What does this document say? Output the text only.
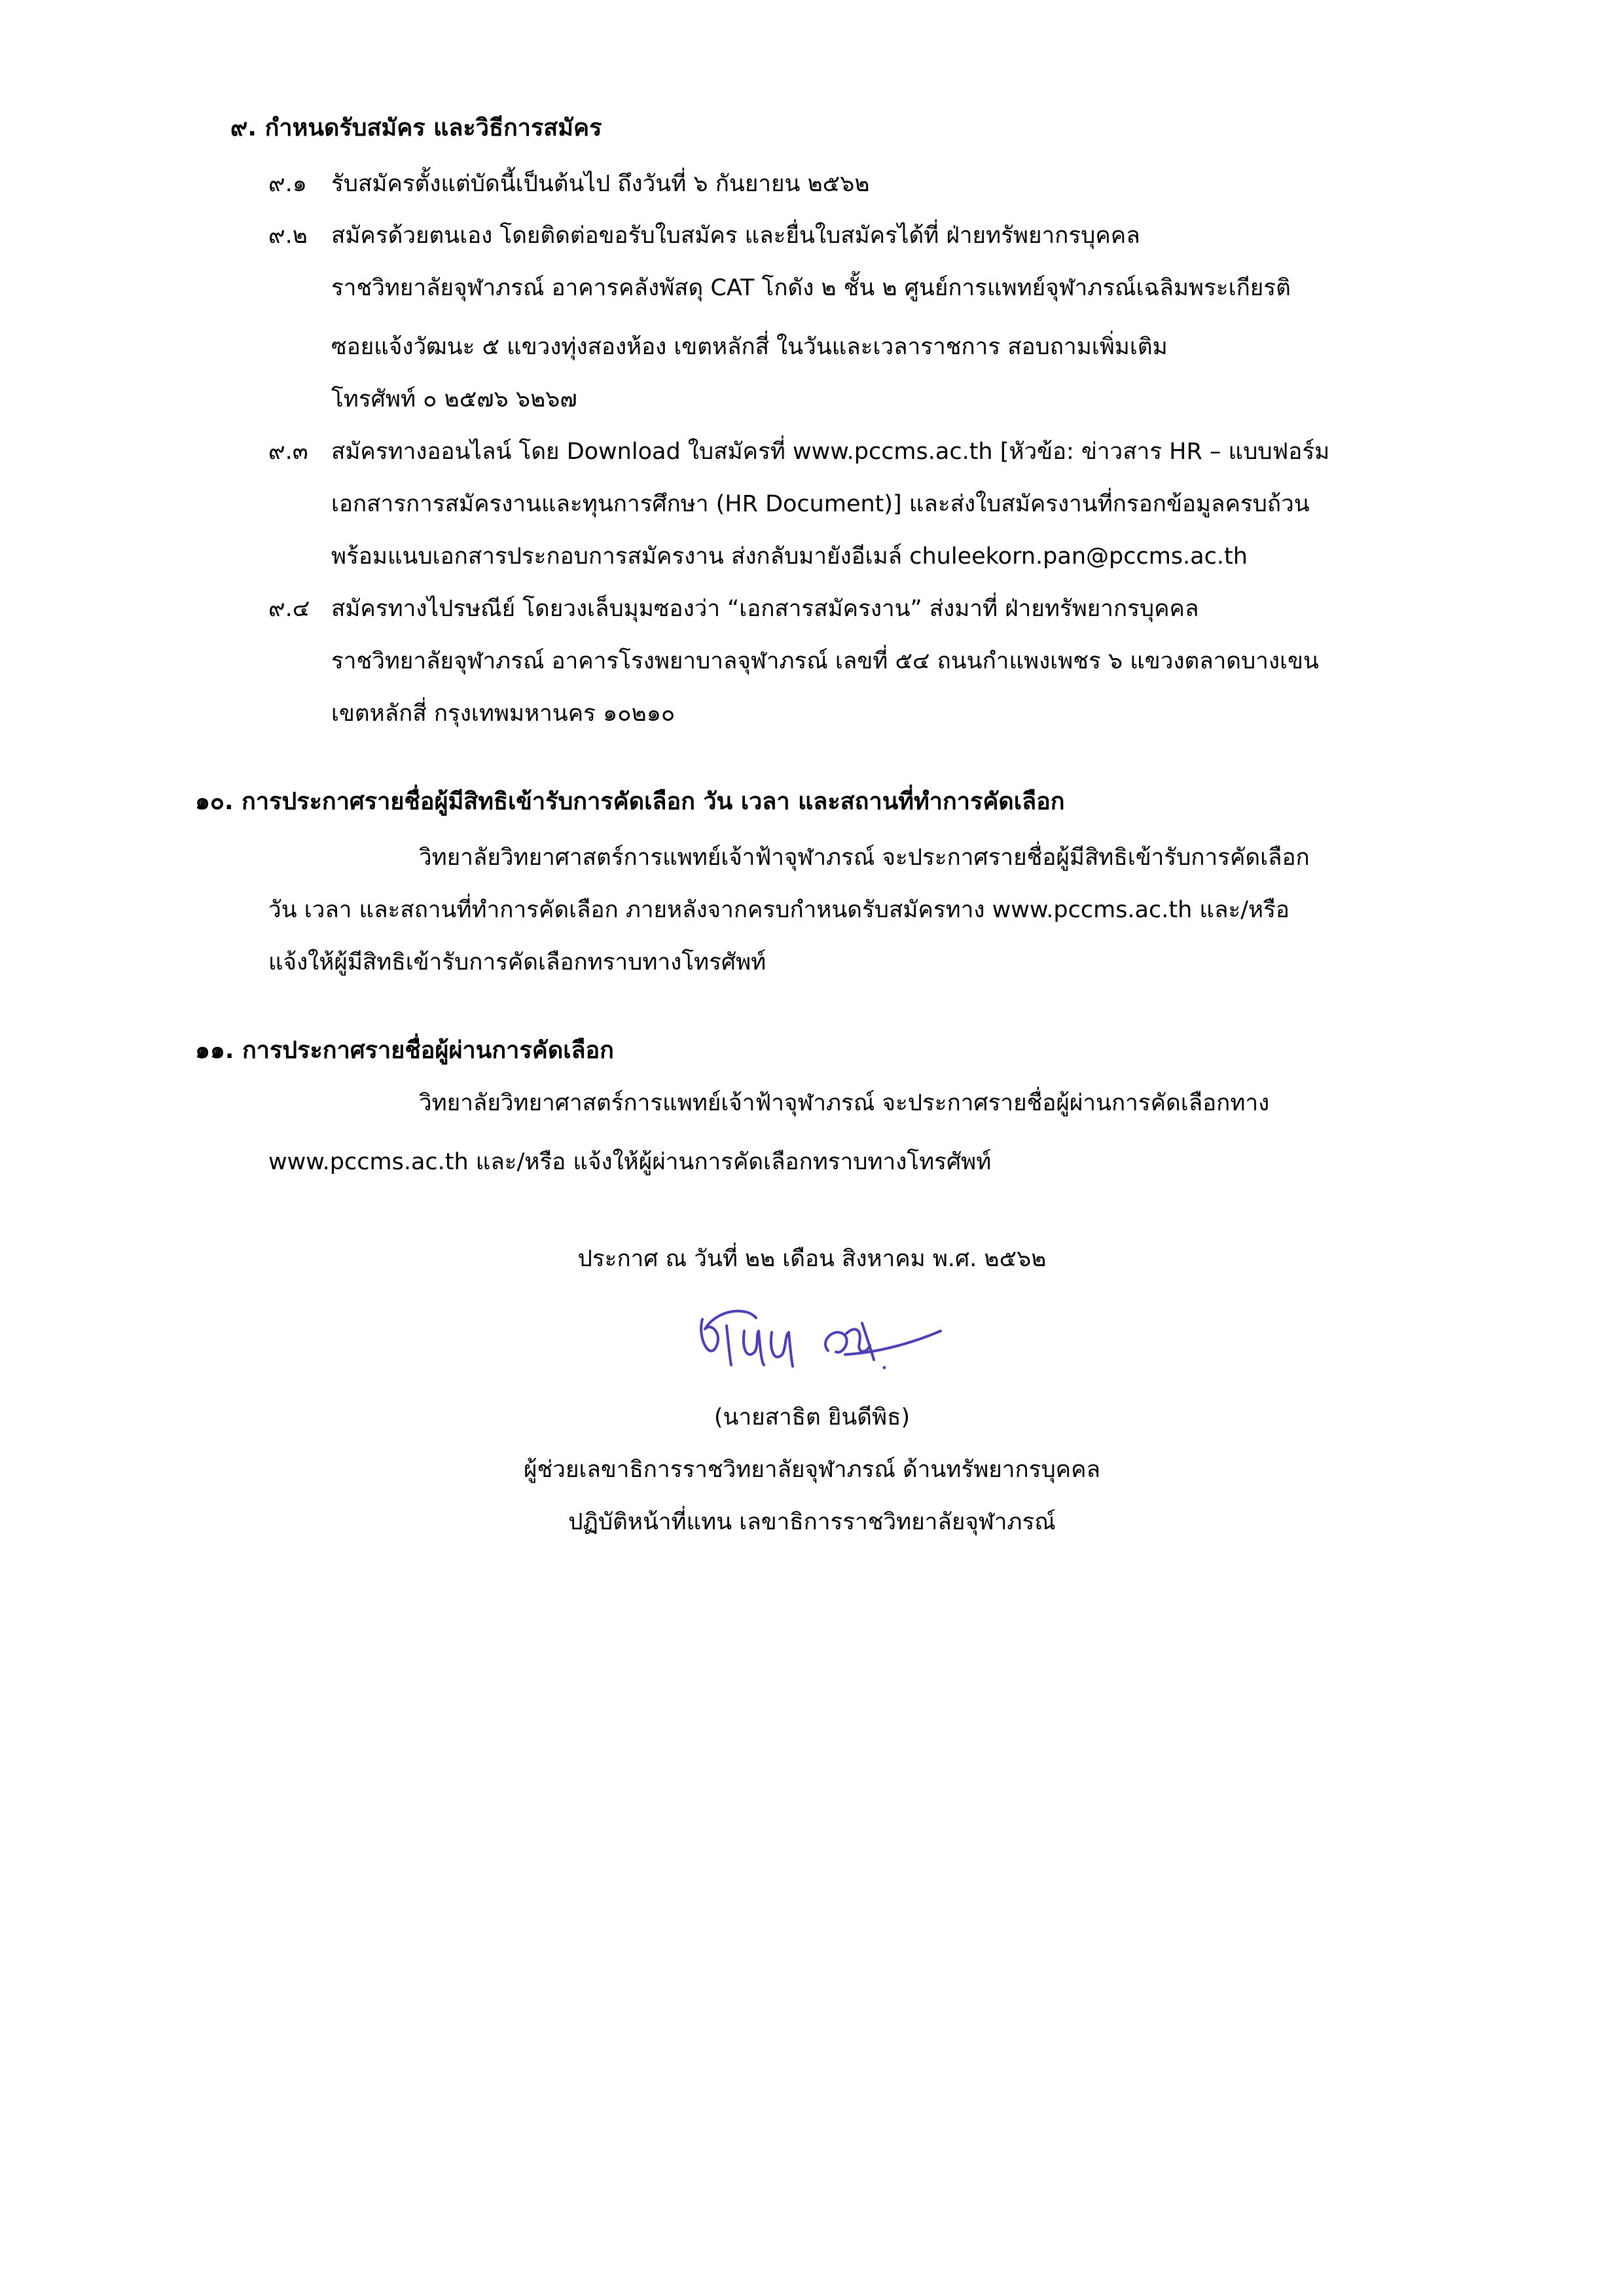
๙. กำหนดรับสมัคร และวิธีการสมัคร
๙.๑ รับสมัครตั้งแต่บัดนี้เป็นต้นไป ถึงวันที่ ๖ กันยายน ๒๕๖๒
๙.๒ สมัครด้วยตนเอง โดยติดต่อขอรับใบสมัคร และยื่นใบสมัครได้ที่ ฝ่ายทรัพยากรบุคคล
ราชวิทยาลัยจุฬาภรณ์ อาคารคลังพัสดุ CAT โกดัง ๒ ชั้น ๒ ศูนย์การแพทย์จุฬาภรณ์เฉลิมพระเกียรติ
ซอยแจ้งวัฒนะ ๕ แขวงทุ่งสองห้อง เขตหลักสี่ ในวันและเวลาราชการ สอบถามเพิ่มเติม
โทรศัพท์ ๐ ๒๕๗๖ ๖๒๖๗
๙.๓ สมัครทางออนไลน์ โดย Download ใบสมัครที่ www.pccms.ac.th [หัวข้อ: ข่าวสาร HR – แบบฟอร์ม
เอกสารการสมัครงานและทุนการศึกษา (HR Document)] และส่งใบสมัครงานที่กรอกข้อมูลครบถ้วน
พร้อมแนบเอกสารประกอบการสมัครงาน ส่งกลับมายังอีเมล์ chuleekorn.pan@pccms.ac.th
๙.๔ สมัครทางไปรษณีย์ โดยวงเล็บมุมซองว่า “เอกสารสมัครงาน” ส่งมาที่ ฝ่ายทรัพยากรบุคคล
ราชวิทยาลัยจุฬาภรณ์ อาคารโรงพยาบาลจุฬาภรณ์ เลขที่ ๕๔ ถนนกำแพงเพชร ๖ แขวงตลาดบางเขน
เขตหลักสี่ กรุงเทพมหานคร ๑๐๒๑๐
๑๐. การประกาศรายชื่อผู้มีสิทธิเข้ารับการคัดเลือก วัน เวลา และสถานที่ทำการคัดเลือก
วิทยาลัยวิทยาศาสตร์การแพทย์เจ้าฟ้าจุฬาภรณ์ จะประกาศรายชื่อผู้มีสิทธิเข้ารับการคัดเลือก
วัน เวลา และสถานที่ทำการคัดเลือก ภายหลังจากครบกำหนดรับสมัครทาง www.pccms.ac.th และ/หรือ
แจ้งให้ผู้มีสิทธิเข้ารับการคัดเลือกทราบทางโทรศัพท์
๑๑. การประกาศรายชื่อผู้ผ่านการคัดเลือก
วิทยาลัยวิทยาศาสตร์การแพทย์เจ้าฟ้าจุฬาภรณ์ จะประกาศรายชื่อผู้ผ่านการคัดเลือกทาง
www.pccms.ac.th และ/หรือ แจ้งให้ผู้ผ่านการคัดเลือกทราบทางโทรศัพท์
ประกาศ ณ วันที่ ๒๒ เดือน สิงหาคม พ.ศ. ๒๕๖๒
(นายสาธิต ยินดีพิธ)
ผู้ช่วยเลขาธิการราชวิทยาลัยจุฬาภรณ์ ด้านทรัพยากรบุคคล
ปฏิบัติหน้าที่แทน เลขาธิการราชวิทยาลัยจุฬาภรณ์
